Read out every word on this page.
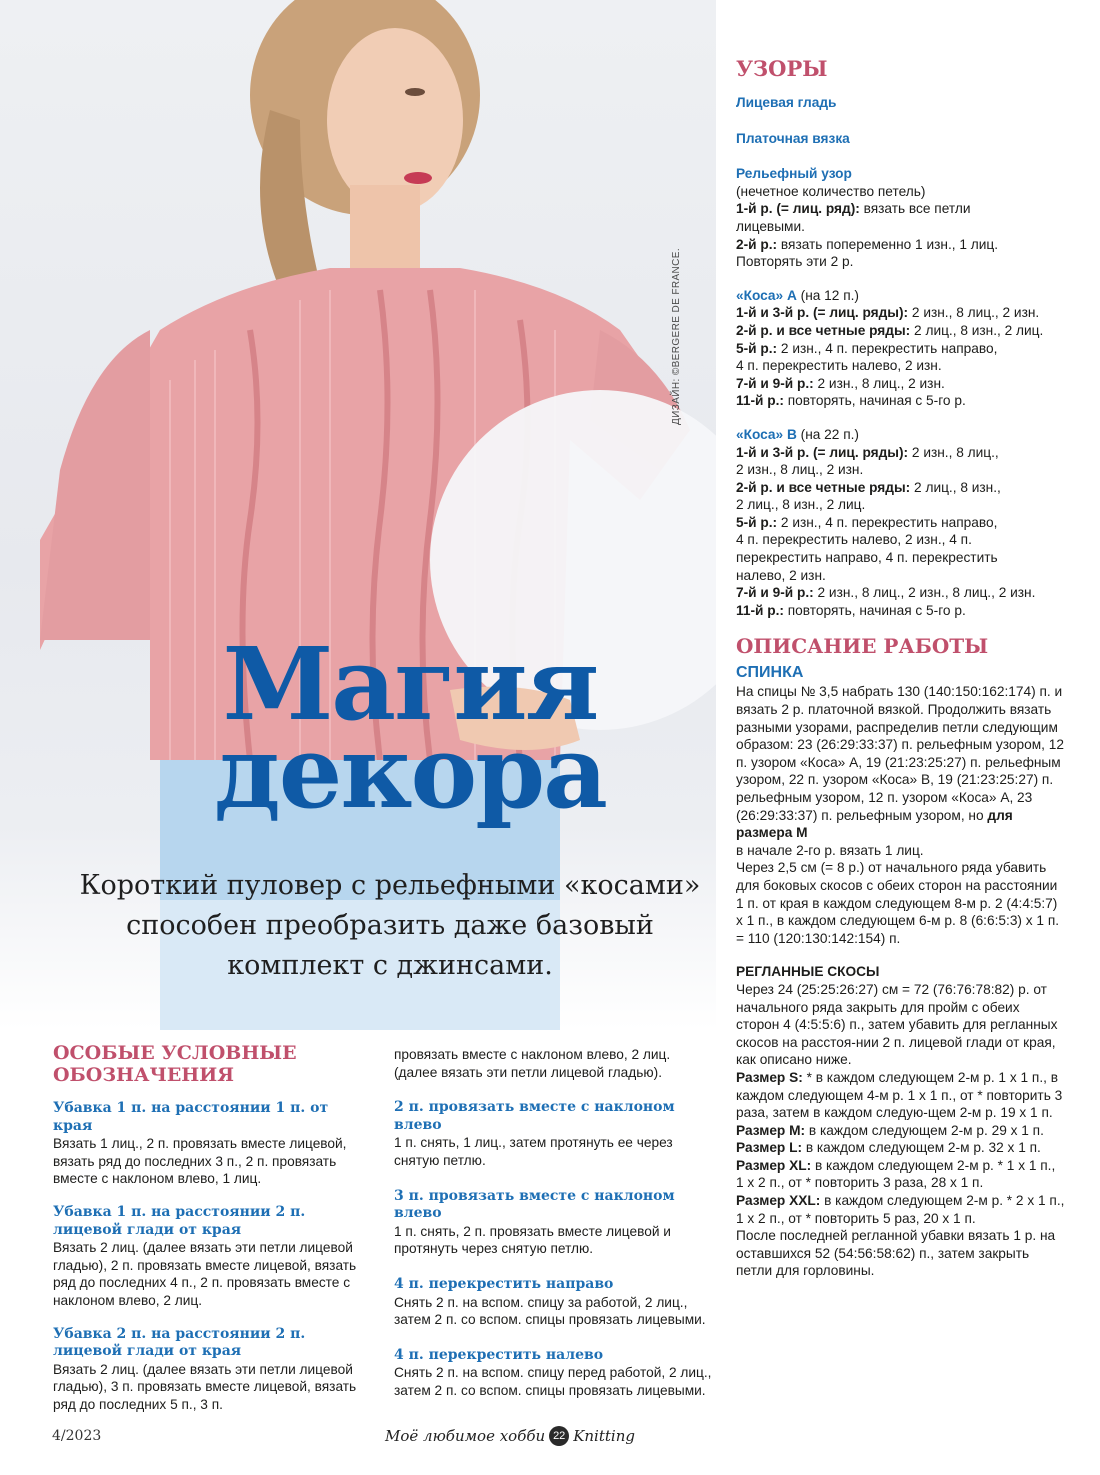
ДИЗАЙН: ©BERGERE DE FRANCE.
Магия
декора
Короткий пуловер с рельефными «косами» способен преобразить даже базовый комплект с джинсами.

УЗОРЫ

Лицевая гладь

Платочная вязка

Рельефный узор

(нечетное количество петель)

1-й р. (= лиц. ряд): вязать все петли

лицевыми.

2-й р.: вязать попеременно 1 изн., 1 лиц.

Повторять эти 2 р.

«Коса» А (на 12 п.)

1-й и 3-й р. (= лиц. ряды): 2 изн., 8 лиц., 2 изн.

2-й р. и все четные ряды: 2 лиц., 8 изн., 2 лиц.

5-й р.: 2 изн., 4 п. перекрестить направо,

4 п. перекрестить налево, 2 изн.

7-й и 9-й р.: 2 изн., 8 лиц., 2 изн.

11-й р.: повторять, начиная с 5-го р.

«Коса» В (на 22 п.)

1-й и 3-й р. (= лиц. ряды): 2 изн., 8 лиц.,

2 изн., 8 лиц., 2 изн.

2-й р. и все четные ряды: 2 лиц., 8 изн.,

2 лиц., 8 изн., 2 лиц.

5-й р.: 2 изн., 4 п. перекрестить направо,

4 п. перекрестить налево, 2 изн., 4 п.

перекрестить направо, 4 п. перекрестить

налево, 2 изн.

7-й и 9-й р.: 2 изн., 8 лиц., 2 изн., 8 лиц., 2 изн.

11-й р.: повторять, начиная с 5-го р.

ОПИСАНИЕ РАБОТЫ

СПИНКА

На спицы № 3,5 набрать 130 (140:150:162:174) п. и вязать 2 р. платочной вязкой. Продолжить вязать разными узорами, распределив петли следующим образом: 23 (26:29:33:37) п. рельефным узором, 12 п. узором «Коса» А, 19 (21:23:25:27) п. рельефным узором, 22 п. узором «Коса» В, 19 (21:23:25:27) п. рельефным узором, 12 п. узором «Коса» А, 23 (26:29:33:37) п. рельефным узором, но для размера М

в начале 2-го р. вязать 1 лиц.

Через 2,5 см (= 8 р.) от начального ряда убавить для боковых скосов с обеих сторон на расстоянии 1 п. от края в каждом следующем 8-м р. 2 (4:4:5:7) х 1 п., в каждом следующем 6-м р. 8 (6:6:5:3) х 1 п. = 110 (120:130:142:154) п.

РЕГЛАННЫЕ СКОСЫ

Через 24 (25:25:26:27) см = 72 (76:76:78:82) р. от начального ряда закрыть для пройм с обеих сторон 4 (4:5:5:6) п., затем убавить для регланных скосов на расстоя-нии 2 п. лицевой глади от края, как описано ниже.

Размер S: * в каждом следующем 2-м р. 1 х 1 п., в каждом следующем 4-м р. 1 х 1 п., от * повторить 3 раза, затем в каждом следую-щем 2-м р. 19 х 1 п.

Размер М: в каждом следующем 2-м р. 29 х 1 п.

Размер L: в каждом следующем 2-м р. 32 х 1 п.

Размер XL: в каждом следующем 2-м р. * 1 х 1 п., 1 х 2 п., от * повторить 3 раза, 28 х 1 п.

Размер XXL: в каждом следующем 2-м р. * 2 х 1 п., 1 х 2 п., от * повторить 5 раз, 20 х 1 п.

После последней регланной убавки вязать 1 р. на оставшихся 52 (54:56:58:62) п., затем закрыть петли для горловины.

ОСОБЫЕ УСЛОВНЫЕ
ОБОЗНАЧЕНИЯ

Убавка 1 п. на расстоянии 1 п. от края

Вязать 1 лиц., 2 п. провязать вместе лицевой, вязать ряд до последних 3 п., 2 п. провязать вместе с наклоном влево, 1 лиц.

Убавка 1 п. на расстоянии 2 п. лицевой глади от края

Вязать 2 лиц. (далее вязать эти петли лицевой гладью), 2 п. провязать вместе лицевой, вязать ряд до последних 4 п., 2 п. провязать вместе с наклоном влево, 2 лиц.

Убавка 2 п. на расстоянии 2 п. лицевой глади от края

Вязать 2 лиц. (далее вязать эти петли лицевой гладью), 3 п. провязать вместе лицевой, вязать ряд до последних 5 п., 3 п.

провязать вместе с наклоном влево, 2 лиц. (далее вязать эти петли лицевой гладью).

2 п. провязать вместе с наклоном влево

1 п. снять, 1 лиц., затем протянуть ее через снятую петлю.

3 п. провязать вместе с наклоном влево

1 п. снять, 2 п. провязать вместе лицевой и протянуть через снятую петлю.

4 п. перекрестить направо

Снять 2 п. на вспом. спицу за работой, 2 лиц., затем 2 п. со вспом. спицы провязать лицевыми.

4 п. перекрестить налево

Снять 2 п. на вспом. спицу перед работой, 2 лиц., затем 2 п. со вспом. спицы провязать лицевыми.

4/2023	Моё любимое хобби 22 Knitting
